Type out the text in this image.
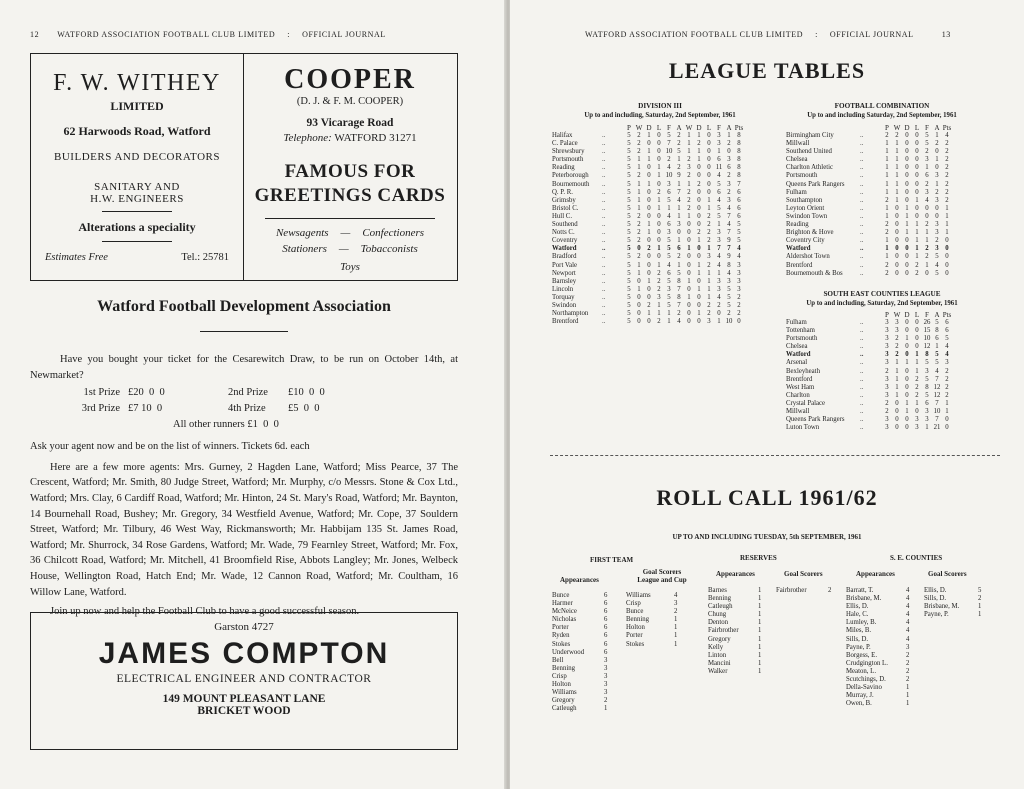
12 WATFORD ASSOCIATION FOOTBALL CLUB LIMITED : OFFICIAL JOURNAL
F. W. WITHEY
LIMITED
62 Harwoods Road, Watford
BUILDERS AND DECORATORS
SANITARY AND
H.W. ENGINEERS
Alterations a speciality
Estimates Free	Tel.: 25781
COOPER
(D. J. & F. M. COOPER)
93 Vicarage Road
Telephone: WATFORD 31271
FAMOUS FOR
GREETINGS CARDS
Newsagents — Confectioners
Stationers — Tobacconists
Toys
Watford Football Development Association

Have you bought your ticket for the Cesarewitch Draw, to be run on October 14th, at Newmarket?

1st Prize £20  0  0	2nd Prize	£10  0  0
3rd Prize £7 10  0	4th Prize	£5  0  0
All other runners £1  0  0

Ask your agent now and be on the list of winners. Tickets 6d. each

Here are a few more agents: Mrs. Gurney, 2 Hagden Lane, Watford; Miss Pearce, 37 The Crescent, Watford; Mr. Smith, 80 Judge Street, Watford; Mr. Murphy, c/o Messrs. Stone & Cox Ltd., Watford; Mrs. Clay, 6 Cardiff Road, Watford; Mr. Hinton, 24 St. Mary's Road, Watford; Mr. Baynton, 14 Bournehall Road, Bushey; Mr. Gregory, 34 Westfield Avenue, Watford; Mr. Cope, 37 Souldern Street, Watford; Mr. Tilbury, 46 West Way, Rickmansworth; Mr. Habbijam 135 St. James Road, Watford; Mr. Shurrock, 34 Rose Gardens, Watford; Mr. Wade, 79 Fearnley Street, Watford; Mr. Fox, 36 Chilcott Road, Watford; Mr. Mitchell, 41 Broomfield Rise, Abbots Langley; Mr. Jones, Welbeck House, Wellington Road, Hatch End; Mr. Wade, 12 Cannon Road, Watford; Mr. Coultham, 16 Willow Lane, Watford.

Join up now and help the Football Club to have a good successful season.

Garston 4727
JAMES COMPTON
ELECTRICAL ENGINEER AND CONTRACTOR
149 MOUNT PLEASANT LANE
BRICKET WOOD
WATFORD ASSOCIATION FOOTBALL CLUB LIMITED : OFFICIAL JOURNAL	13
LEAGUE TABLES
DIVISION III
Up to and including, Saturday, 2nd September, 1961
		P	W	D	L	F	A	W	D	L	F	A	Pts
Halifax	..	5	2	1	0	5	2	1	1	0	3	1	8
C. Palace	..	5	2	0	0	7	2	1	2	0	3	2	8
Shrewsbury	..	5	2	1	0	10	5	1	1	0	1	0	8
Portsmouth	..	5	1	1	0	2	1	2	1	0	6	3	8
Reading	..	5	1	0	1	4	2	3	0	0	11	6	8
Peterborough	..	5	2	0	1	10	9	2	0	0	4	2	8
Bournemouth	..	5	1	1	0	3	1	1	2	0	5	3	7
Q. P. R.	..	5	1	0	2	6	7	2	0	0	6	2	6
Grimsby	..	5	1	0	1	5	4	2	0	1	4	3	6
Bristol C.	..	5	1	0	1	1	1	2	0	1	5	4	6
Hull C.	..	5	2	0	0	4	1	1	0	2	5	7	6
Southend	..	5	2	1	0	6	3	0	0	2	1	4	5
Notts C.	..	5	2	1	0	3	0	0	2	2	3	7	5
Coventry	..	5	2	0	0	5	1	0	1	2	3	9	5
Watford	..	5	0	2	1	5	6	1	0	1	7	7	4
Bradford	..	5	2	0	0	5	2	0	0	3	4	9	4
Port Vale	..	5	1	0	1	4	1	0	1	2	4	8	3
Newport	..	5	1	0	2	6	5	0	1	1	1	4	3
Barnsley	..	5	0	1	2	5	8	1	0	1	3	3	3
Lincoln	..	5	1	0	2	3	7	0	1	1	3	5	3
Torquay	..	5	0	0	3	5	8	1	0	1	4	5	2
Swindon	..	5	0	2	1	5	7	0	0	2	2	5	2
Northampton	..	5	0	1	1	1	2	0	1	2	0	2	2
Brentford	..	5	0	0	2	1	4	0	0	3	1	10	0
FOOTBALL COMBINATION
Up to and including Saturday, 2nd September, 1961
		P	W	D	L	F	A	Pts
Birmingham City	..	2	2	0	0	5	1	4
Millwall	..	1	1	0	0	5	2	2
Southend United	..	1	1	0	0	2	0	2
Chelsea	..	1	1	0	0	3	1	2
Charlton Athletic	..	1	1	0	0	1	0	2
Portsmouth	..	1	1	0	0	6	3	2
Queens Park Rangers	..	1	1	0	0	2	1	2
Fulham	..	1	1	0	0	3	2	2
Southampton	..	2	1	0	1	4	3	2
Leyton Orient	..	1	0	1	0	0	0	1
Swindon Town	..	1	0	1	0	0	0	1
Reading	..	2	0	1	1	2	3	1
Brighton & Hove	..	2	0	1	1	1	3	1
Coventry City	..	1	0	0	1	1	2	0
Watford	..	1	0	0	1	2	3	0
Aldershot Town	..	1	0	0	1	2	5	0
Brentford	..	2	0	0	2	1	4	0
Bournemouth & Bos	..	2	0	0	2	0	5	0
SOUTH EAST COUNTIES LEAGUE
Up to and including, Saturday, 2nd September, 1961
		P	W	D	L	F	A	Pts
Fulham	..	3	3	0	0	26	5	6
Tottenham	..	3	3	0	0	15	8	6
Portsmouth	..	3	2	1	0	10	6	5
Chelsea	..	3	2	0	0	12	1	4
Watford	..	3	2	0	1	8	5	4
Arsenal	..	3	1	1	1	5	5	3
Bexleyheath	..	2	1	0	1	3	4	2
Brentford	..	3	1	0	2	5	7	2
West Ham	..	3	1	0	2	8	12	2
Charlton	..	3	1	0	2	5	12	2
Crystal Palace	..	2	0	1	1	6	7	1
Millwall	..	2	0	1	0	3	10	1
Queens Park Rangers	..	3	0	0	3	3	7	0
Luton Town	..	3	0	0	3	1	21	0
ROLL CALL 1961/62
UP TO AND INCLUDING TUESDAY, 5th SEPTEMBER, 1961
FIRST TEAM
Appearances
Goal Scorers
League and Cup
Bunce	6
Harmer	6
McNeice	6
Nicholas	6
Porter	6
Ryden	6
Stokes	6
Underwood	6
Bell	3
Benning	3
Crisp	3
Holton	3
Williams	3
Gregory	2
Catleugh	1
Williams	4
Crisp	3
Bunce	2
Benning	1
Holton	1
Porter	1
Stokes	1
RESERVES
Appearances	Goal Scorers
Barnes	1
Benning	1
Catleugh	1
Chung	1
Denton	1
Fairbrother	1
Gregory	1
Kelly	1
Linton	1
Mancini	1
Walker	1
Fairbrother	2
S. E. COUNTIES
Appearances	Goal Scorers
Barratt, T.	4
Brisbane, M.	4
Ellis, D.	4
Hale, C.	4
Lumley, B.	4
Miles, B.	4
Sills, D.	4
Payne, P.	3
Borgess, E.	2
Crudgington L.	2
Meaton, L.	2
Scutchings, D.	2
Della-Savino	1
Murray, J.	1
Owen, B.	1
Ellis, D.	5
Sills, D.	2
Brisbane, M.	1
Payne, P.	1
